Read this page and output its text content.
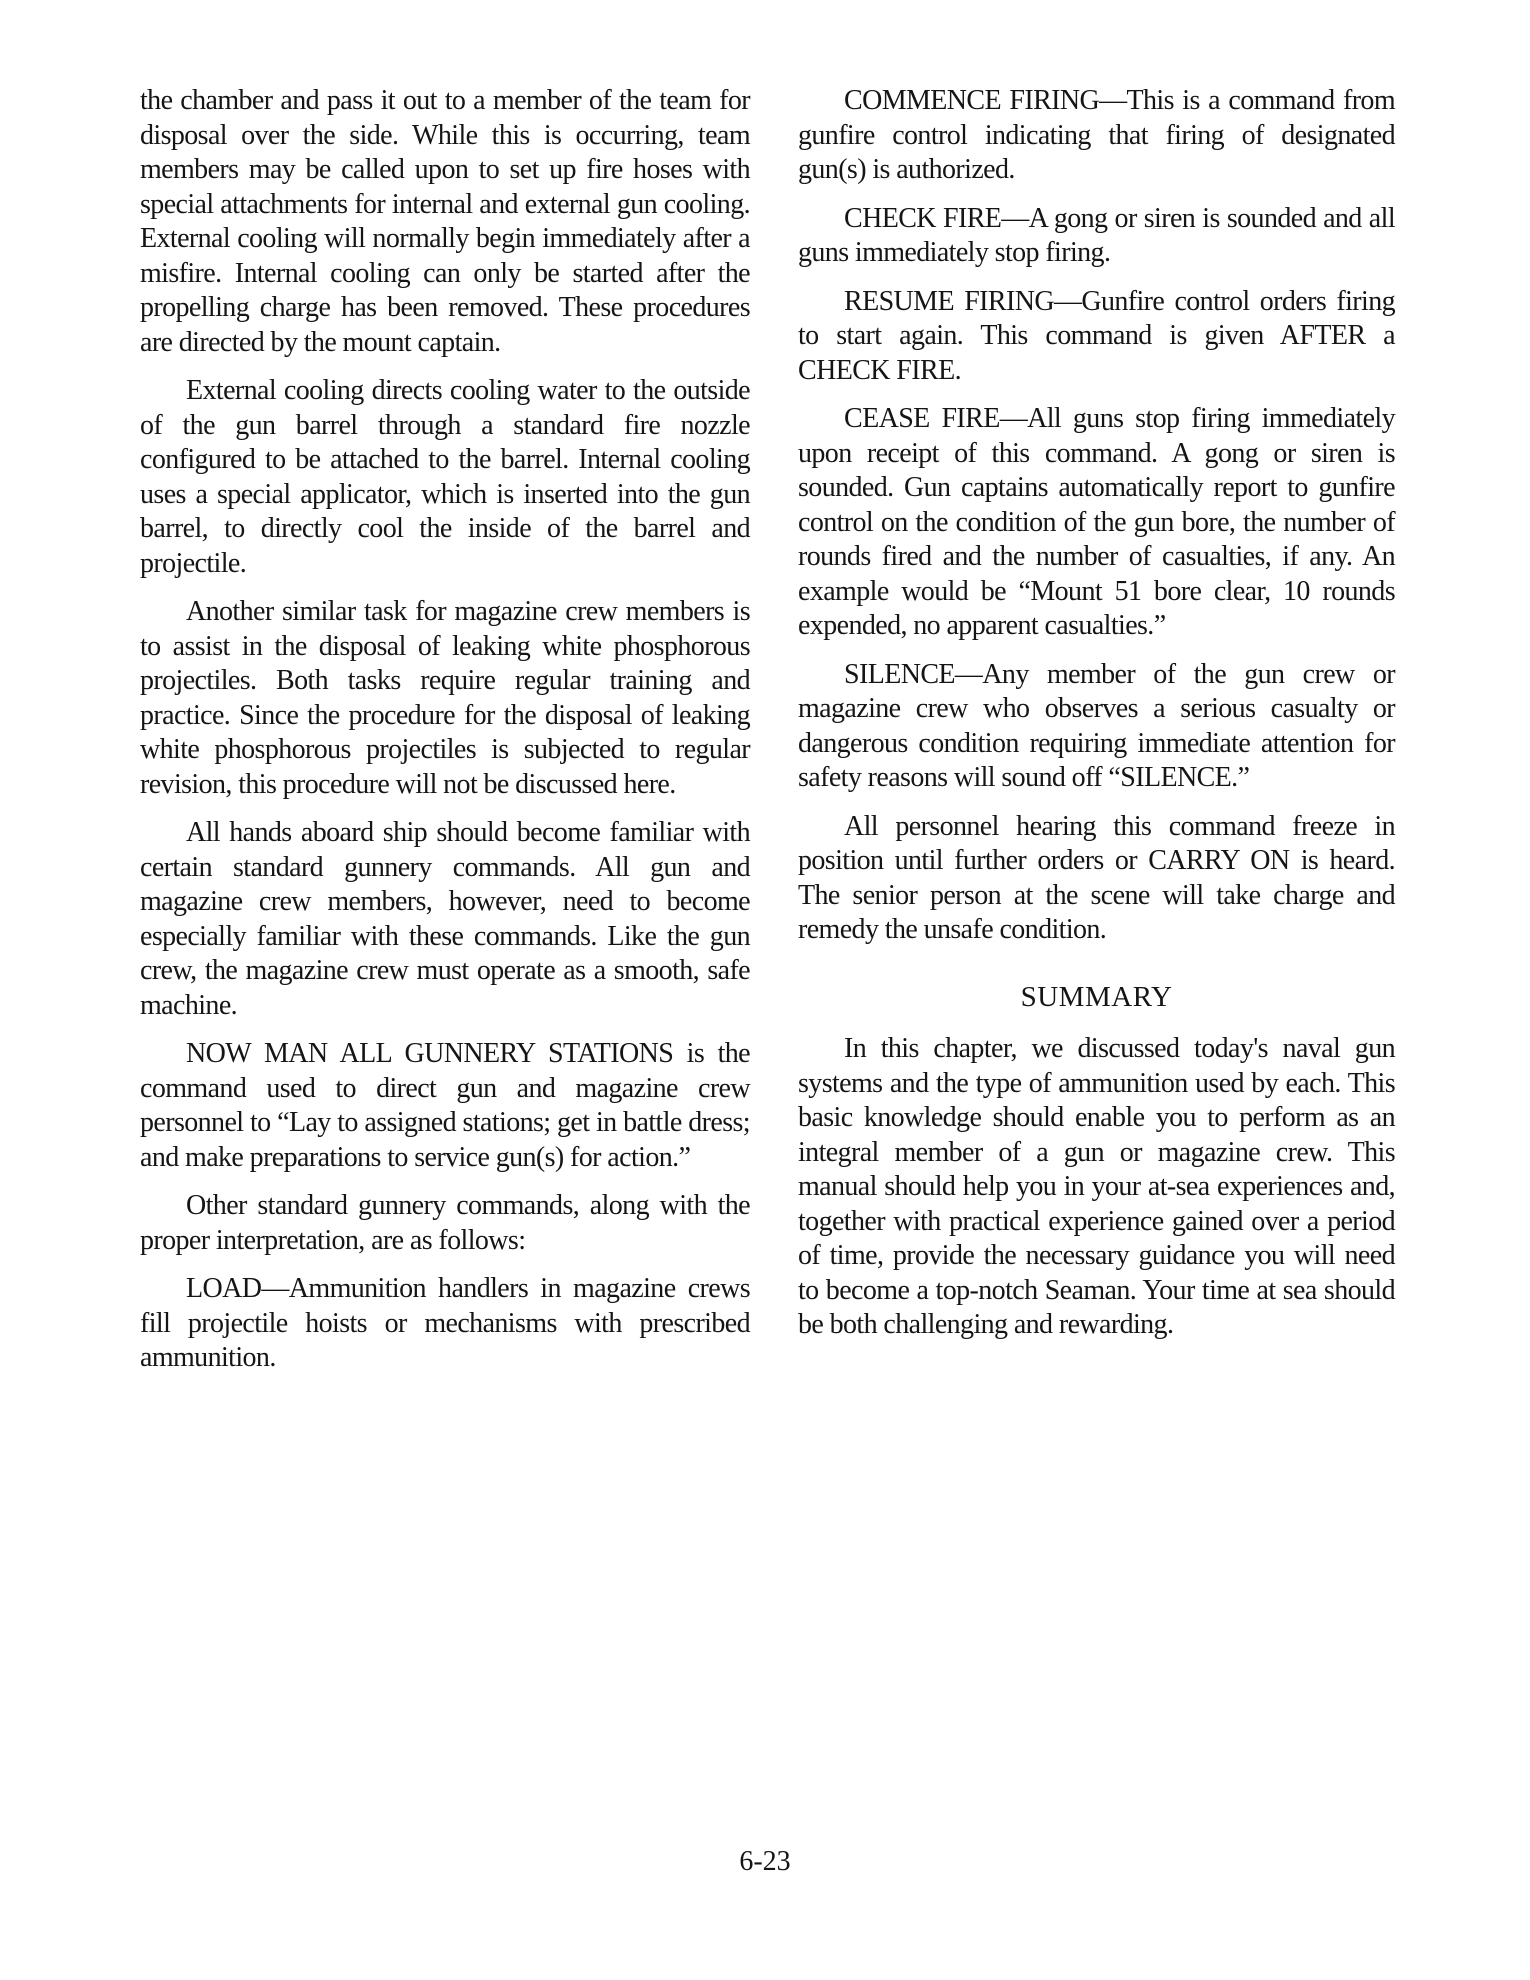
the chamber and pass it out to a member of the team for disposal over the side. While this is occurring, team members may be called upon to set up fire hoses with special attachments for internal and external gun cooling. External cooling will normally begin immediately after a misfire. Internal cooling can only be started after the propelling charge has been removed. These procedures are directed by the mount captain.

External cooling directs cooling water to the outside of the gun barrel through a standard fire nozzle configured to be attached to the barrel. Internal cooling uses a special applicator, which is inserted into the gun barrel, to directly cool the inside of the barrel and projectile.

Another similar task for magazine crew members is to assist in the disposal of leaking white phosphorous projectiles. Both tasks require regular training and practice. Since the procedure for the disposal of leaking white phosphorous projectiles is subjected to regular revision, this procedure will not be discussed here.

All hands aboard ship should become familiar with certain standard gunnery commands. All gun and magazine crew members, however, need to become especially familiar with these commands. Like the gun crew, the magazine crew must operate as a smooth, safe machine.

NOW MAN ALL GUNNERY STATIONS is the command used to direct gun and magazine crew personnel to “Lay to assigned stations; get in battle dress; and make preparations to service gun(s) for action.”

Other standard gunnery commands, along with the proper interpretation, are as follows:

LOAD—Ammunition handlers in magazine crews fill projectile hoists or mechanisms with prescribed ammunition.

COMMENCE FIRING—This is a command from gunfire control indicating that firing of designated gun(s) is authorized.

CHECK FIRE—A gong or siren is sounded and all guns immediately stop firing.

RESUME FIRING—Gunfire control orders firing to start again. This command is given AFTER a CHECK FIRE.

CEASE FIRE—All guns stop firing immediately upon receipt of this command. A gong or siren is sounded. Gun captains automatically report to gunfire control on the condition of the gun bore, the number of rounds fired and the number of casualties, if any. An example would be “Mount 51 bore clear, 10 rounds expended, no apparent casualties.”

SILENCE—Any member of the gun crew or magazine crew who observes a serious casualty or dangerous condition requiring immediate attention for safety reasons will sound off “SILENCE.”

All personnel hearing this command freeze in position until further orders or CARRY ON is heard. The senior person at the scene will take charge and remedy the unsafe condition.

SUMMARY

In this chapter, we discussed today's naval gun systems and the type of ammunition used by each. This basic knowledge should enable you to perform as an integral member of a gun or magazine crew. This manual should help you in your at-sea experiences and, together with practical experience gained over a period of time, provide the necessary guidance you will need to become a top-notch Seaman. Your time at sea should be both challenging and rewarding.

6-23
